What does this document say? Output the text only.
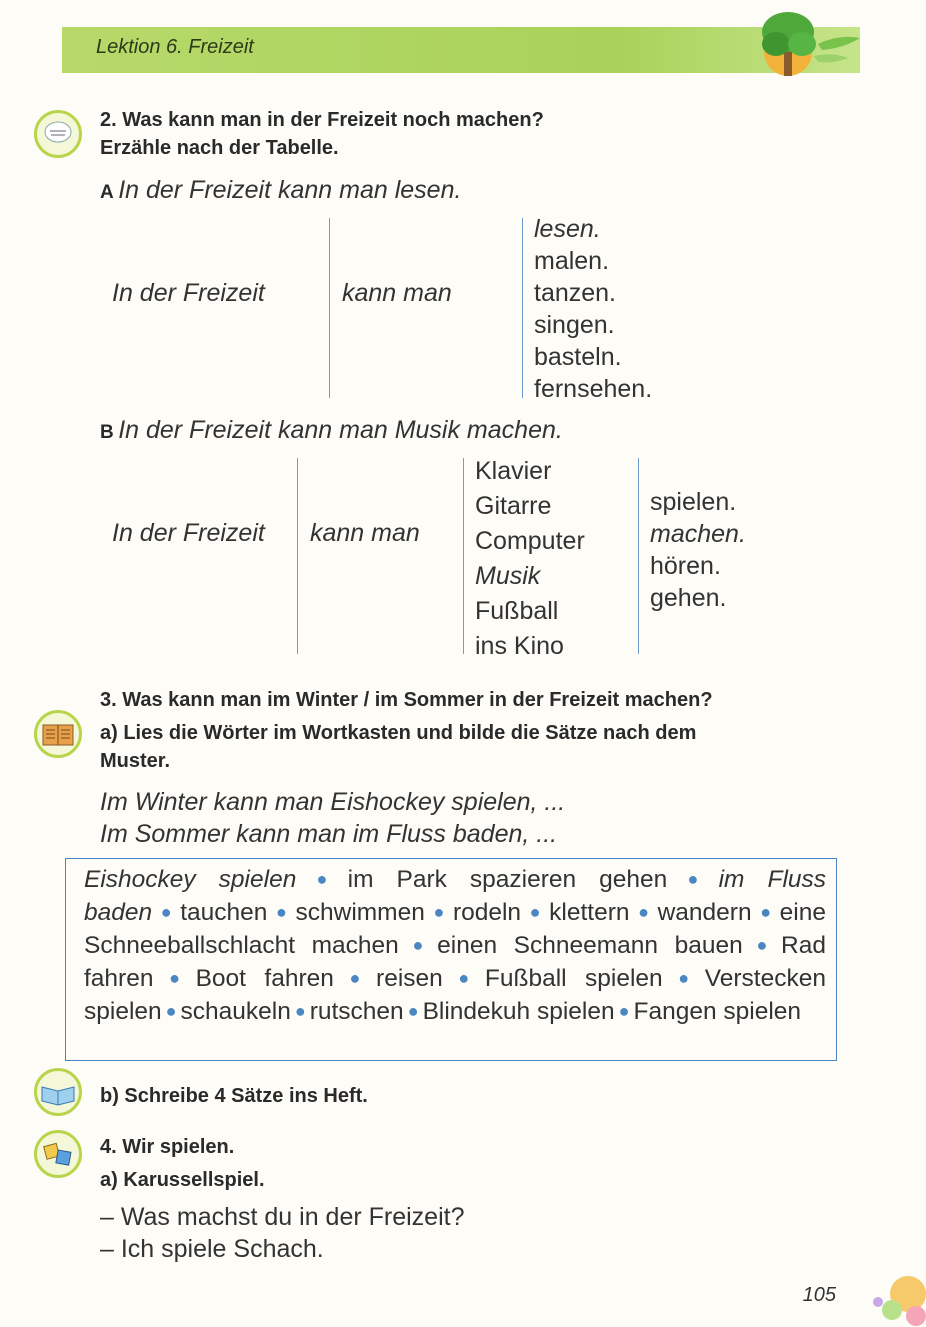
Lektion 6. Freizeit
2. Was kann man in der Freizeit noch machen?
Erzähle nach der Tabelle.
A In der Freizeit kann man lesen.
In der Freizeit	kann man
lesen.
malen.
tanzen.
singen.
basteln.
fernsehen.
B In der Freizeit kann man Musik machen.
In der Freizeit kann man
Klavier
Gitarre
Computer
Musik
Fußball
ins Kino
spielen.
machen.
hören.
gehen.
3. Was kann man im Winter / im Sommer in der Freizeit machen?
a) Lies die Wörter im Wortkasten und bilde die Sätze nach dem
Muster.
Im Winter kann man Eishockey spielen, ...
Im Sommer kann man im Fluss baden, ...
Eishockey spielen ● im Park spazieren gehen ● im Fluss baden ● tauchen ● schwimmen ● rodeln ● klettern ● wandern ● eine Schneeballschlacht machen ● einen Schneemann bauen ● Rad fahren ● Boot fahren ● reisen ● Fußball spielen ● Verstecken spielen ● schaukeln ● rutschen ● Blindekuh spielen ● Fangen spielen
b) Schreibe 4 Sätze ins Heft.
4. Wir spielen.
a) Karussellspiel.
– Was machst du in der Freizeit?
– Ich spiele Schach.
105
